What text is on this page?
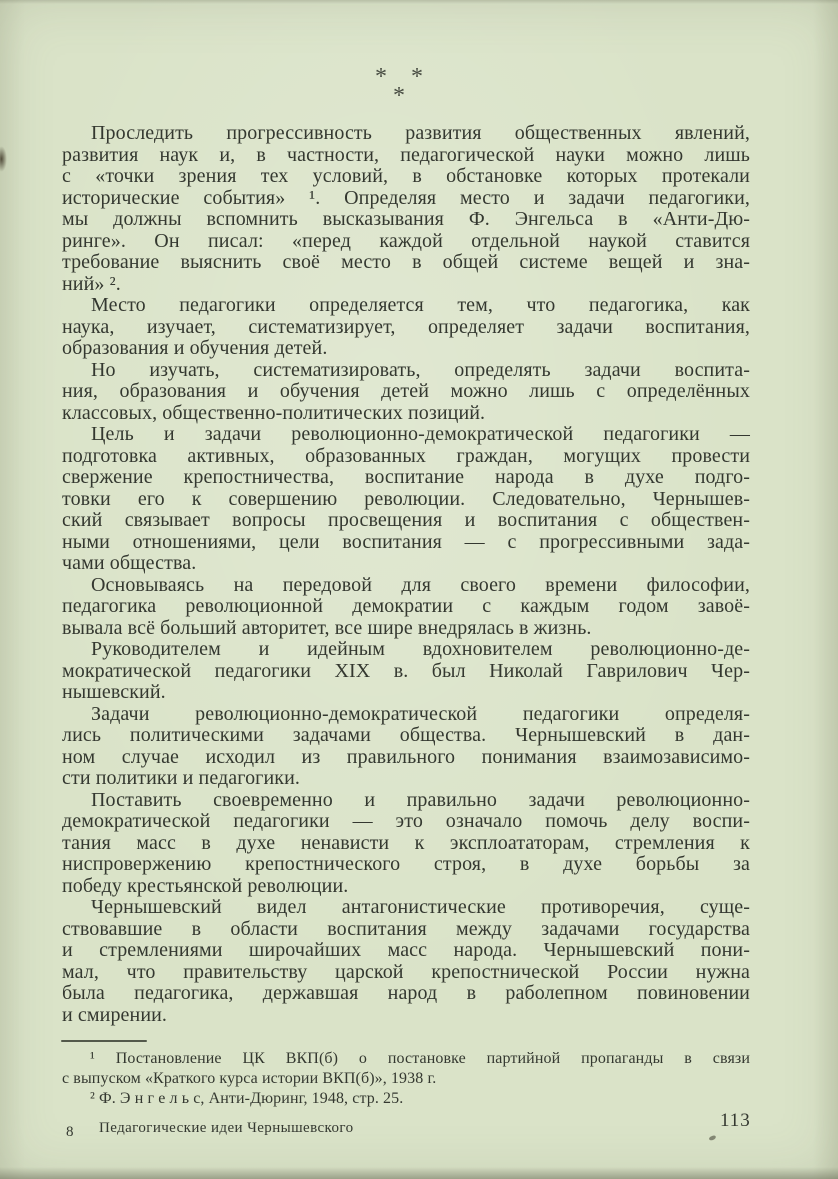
* *
*
Проследить прогрессивность развития общественных явлений,
развития наук и, в частности, педагогической науки можно лишь
с «точки зрения тех условий, в обстановке которых протекали
исторические события» ¹. Определяя место и задачи педагогики,
мы должны вспомнить высказывания Ф. Энгельса в «Анти-Дю-
ринге». Он писал: «перед каждой отдельной наукой ставится
требование выяснить своё место в общей системе вещей и зна-
ний» ².
Место педагогики определяется тем, что педагогика, как
наука, изучает, систематизирует, определяет задачи воспитания,
образования и обучения детей.
Но изучать, систематизировать, определять задачи воспита-
ния, образования и обучения детей можно лишь с определённых
классовых, общественно-политических позиций.
Цель и задачи революционно-демократической педагогики —
подготовка активных, образованных граждан, могущих провести
свержение крепостничества, воспитание народа в духе подго-
товки его к совершению революции. Следовательно, Чернышев-
ский связывает вопросы просвещения и воспитания с обществен-
ными отношениями, цели воспитания — с прогрессивными зада-
чами общества.
Основываясь на передовой для своего времени философии,
педагогика революционной демократии с каждым годом завоё-
вывала всё больший авторитет, все шире внедрялась в жизнь.
Руководителем и идейным вдохновителем революционно-де-
мократической педагогики XIX в. был Николай Гаврилович Чер-
нышевский.
Задачи революционно-демократической педагогики определя-
лись политическими задачами общества. Чернышевский в дан-
ном случае исходил из правильного понимания взаимозависимо-
сти политики и педагогики.
Поставить своевременно и правильно задачи революционно-
демократической педагогики — это означало помочь делу воспи-
тания масс в духе ненависти к эксплоататорам, стремления к
ниспровержению крепостнического строя, в духе борьбы за
победу крестьянской революции.
Чернышевский видел антагонистические противоречия, суще-
ствовавшие в области воспитания между задачами государства
и стремлениями широчайших масс народа. Чернышевский пони-
мал, что правительству царской крепостнической России нужна
была педагогика, державшая народ в раболепном повиновении
и смирении.
¹ Постановление ЦК ВКП(б) о постановке партийной пропаганды в связи
с выпуском «Краткого курса истории ВКП(б)», 1938 г.
² Ф. Э н г е л ь с, Анти-Дюринг, 1948, стр. 25.
8 Педагогические идеи Чернышевского	113
